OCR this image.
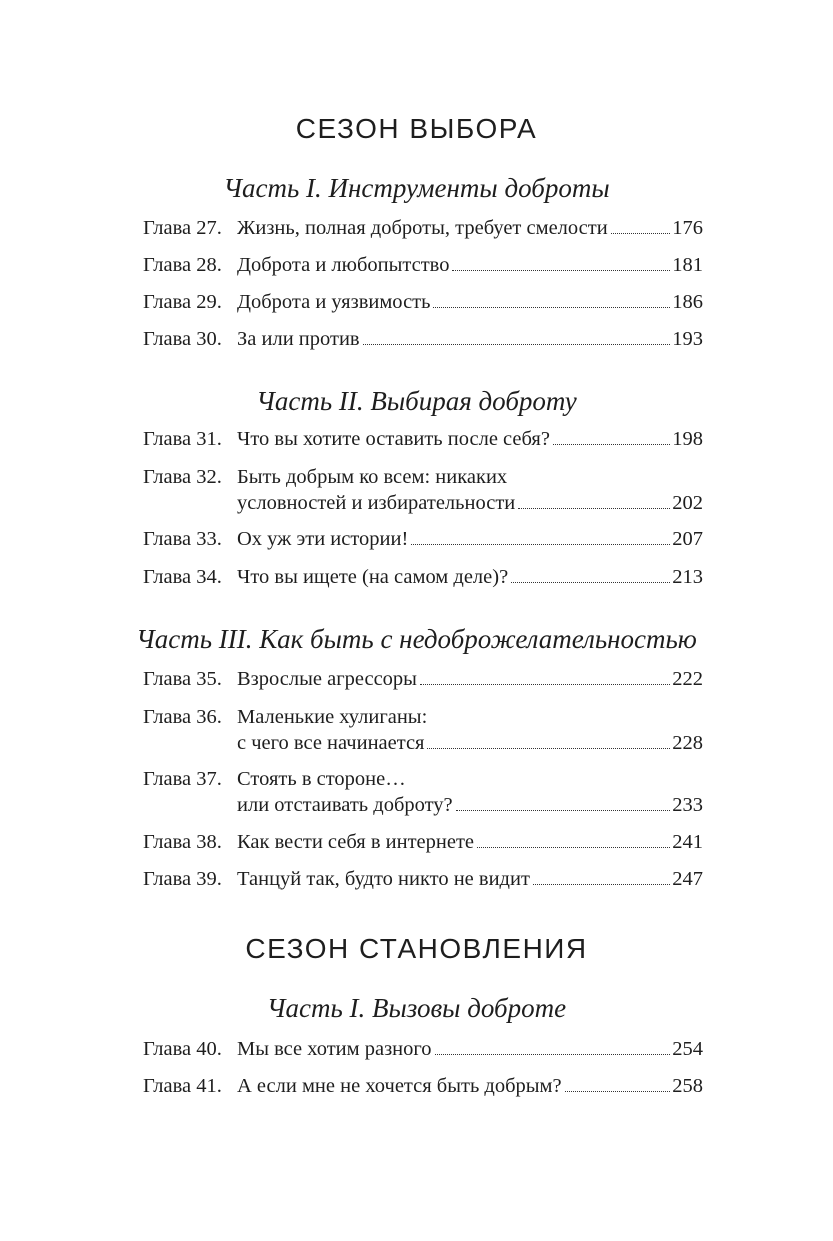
СЕЗОН ВЫБОРА
Часть I. Инструменты доброты
Глава 27. Жизнь, полная доброты, требует смелости	176
Глава 28. Доброта и любопытство	181
Глава 29. Доброта и уязвимость	186
Глава 30. За или против	193
Часть II. Выбирая доброту
Глава 31. Что вы хотите оставить после себя?	198
Глава 32. Быть добрым ко всем: никаких
условностей и избирательности	202
Глава 33. Ох уж эти истории!	207
Глава 34. Что вы ищете (на самом деле)?	213
Часть III. Как быть с недоброжелательностью
Глава 35. Взрослые агрессоры	222
Глава 36. Маленькие хулиганы:
с чего все начинается	228
Глава 37. Стоять в стороне…
или отстаивать доброту?	233
Глава 38. Как вести себя в интернете	241
Глава 39. Танцуй так, будто никто не видит	247
СЕЗОН СТАНОВЛЕНИЯ
Часть I. Вызовы доброте
Глава 40. Мы все хотим разного	254
Глава 41. А если мне не хочется быть добрым?	258
